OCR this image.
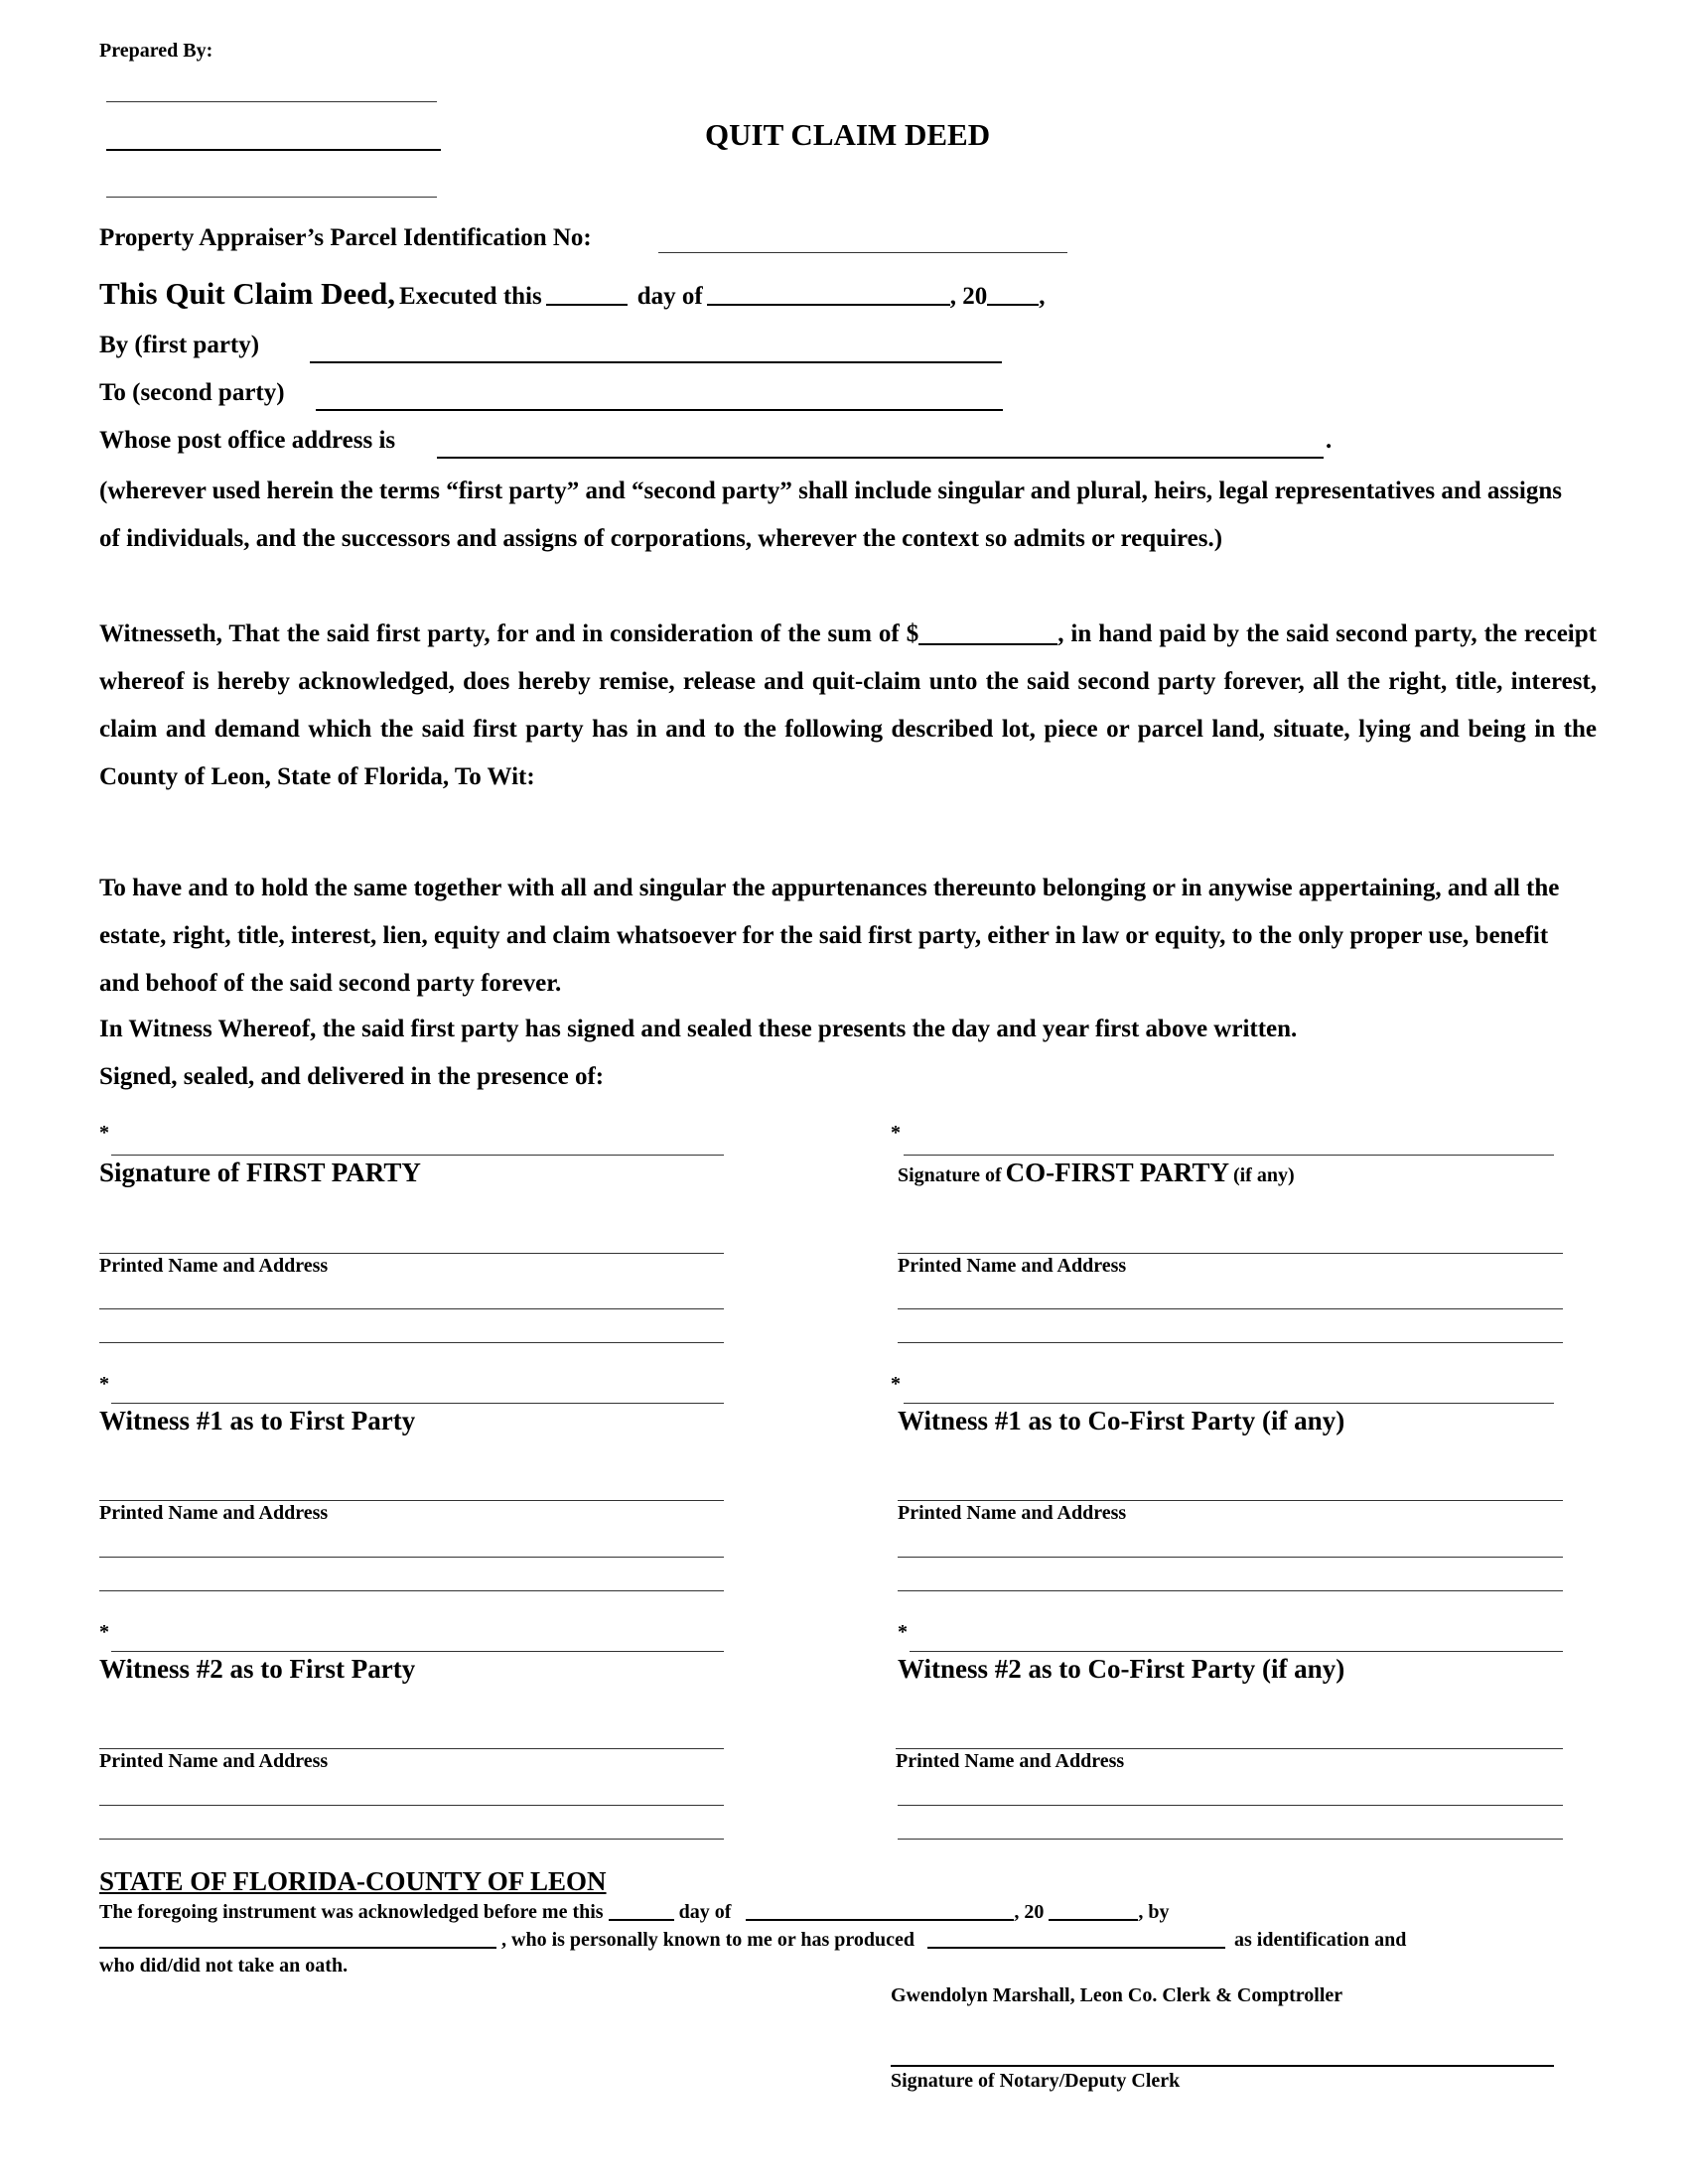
Prepared By:
QUIT CLAIM DEED
Property Appraiser’s Parcel Identification No:
This Quit Claim Deed, Executed this	day of	, 20 ,
By (first party)
To (second party)
Whose post office address is	.
(wherever used herein the terms “first party” and “second party” shall include singular and plural, heirs, legal representatives and assigns of individuals, and the successors and assigns of corporations, wherever the context so admits or requires.)
Witnesseth, That the said first party, for and in consideration of the sum of $	, in hand paid by the said second party, the receipt whereof is hereby acknowledged, does hereby remise, release and quit-claim unto the said second party forever, all the right, title, interest, claim and demand which the said first party has in and to the following described lot, piece or parcel land, situate, lying and being in the County of Leon, State of Florida, To Wit:
To have and to hold the same together with all and singular the appurtenances thereunto belonging or in anywise appertaining, and all the estate, right, title, interest, lien, equity and claim whatsoever for the said first party, either in law or equity, to the only proper use, benefit and behoof of the said second party forever.
In Witness Whereof, the said first party has signed and sealed these presents the day and year first above written.
Signed, sealed, and delivered in the presence of:
*
Signature of FIRST PARTY
Printed Name and Address
*
Witness #1 as to First Party
Printed Name and Address
*
Witness #2 as to First Party
Printed Name and Address
*
Signature of CO-FIRST PARTY (if any)
Printed Name and Address
*
Witness #1 as to Co-First Party (if any)
Printed Name and Address
*
Witness #2 as to Co-First Party (if any)
Printed Name and Address
STATE OF FLORIDA-COUNTY OF LEON
The foregoing instrument was acknowledged before me this	day of	, 20	, by
, who is personally known to me or has produced	as identification and
who did/did not take an oath.
Gwendolyn Marshall, Leon Co. Clerk & Comptroller
Signature of Notary/Deputy Clerk
